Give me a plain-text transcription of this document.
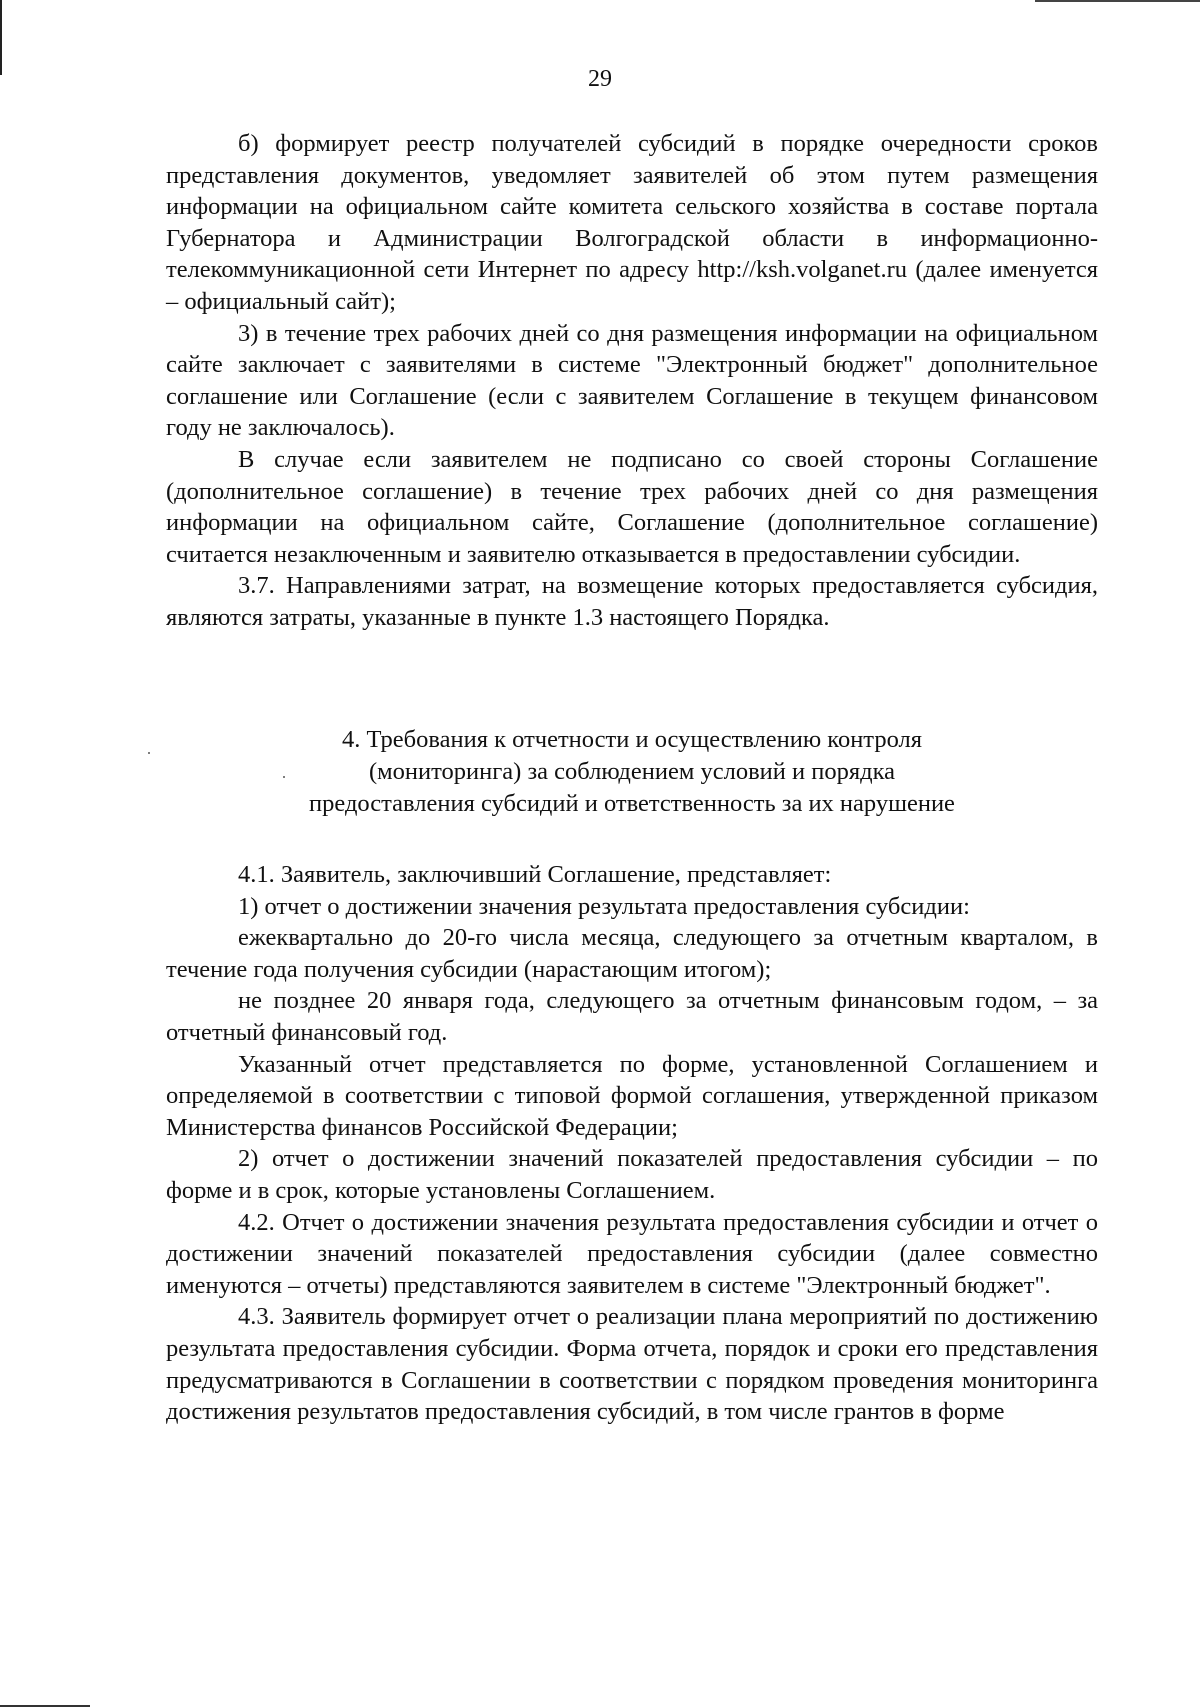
29

б) формирует реестр получателей субсидий в порядке очередности сроков представления документов, уведомляет заявителей об этом путем размещения информации на официальном сайте комитета сельского хозяйства в составе портала Губернатора и Администрации Волгоградской области в информационно-телекоммуникационной сети Интернет по адресу http://ksh.volganet.ru (далее именуется – официальный сайт);

3) в течение трех рабочих дней со дня размещения информации на официальном сайте заключает с заявителями в системе "Электронный бюджет" дополнительное соглашение или Соглашение (если с заявителем Соглашение в текущем финансовом году не заключалось).

В случае если заявителем не подписано со своей стороны Соглашение (дополнительное соглашение) в течение трех рабочих дней со дня размещения информации на официальном сайте, Соглашение (дополнительное соглашение) считается незаключенным и заявителю отказывается в предоставлении субсидии.

3.7. Направлениями затрат, на возмещение которых предоставляется субсидия, являются затраты, указанные в пункте 1.3 настоящего Порядка.

4. Требования к отчетности и осуществлению контроля
(мониторинга) за соблюдением условий и порядка
предоставления субсидий и ответственность за их нарушение

4.1. Заявитель, заключивший Соглашение, представляет:

1) отчет о достижении значения результата предоставления субсидии:

ежеквартально до 20-го числа месяца, следующего за отчетным кварталом, в течение года получения субсидии (нарастающим итогом);

не позднее 20 января года, следующего за отчетным финансовым годом, – за отчетный финансовый год.

Указанный отчет представляется по форме, установленной Соглашением и определяемой в соответствии с типовой формой соглашения, утвержденной приказом Министерства финансов Российской Федерации;

2) отчет о достижении значений показателей предоставления субсидии – по форме и в срок, которые установлены Соглашением.

4.2. Отчет о достижении значения результата предоставления субсидии и отчет о достижении значений показателей предоставления субсидии (далее совместно именуются – отчеты) представляются заявителем в системе "Электронный бюджет".

4.3. Заявитель формирует отчет о реализации плана мероприятий по достижению результата предоставления субсидии. Форма отчета, порядок и сроки его представления предусматриваются в Соглашении в соответствии с порядком проведения мониторинга достижения результатов предоставления субсидий, в том числе грантов в форме
